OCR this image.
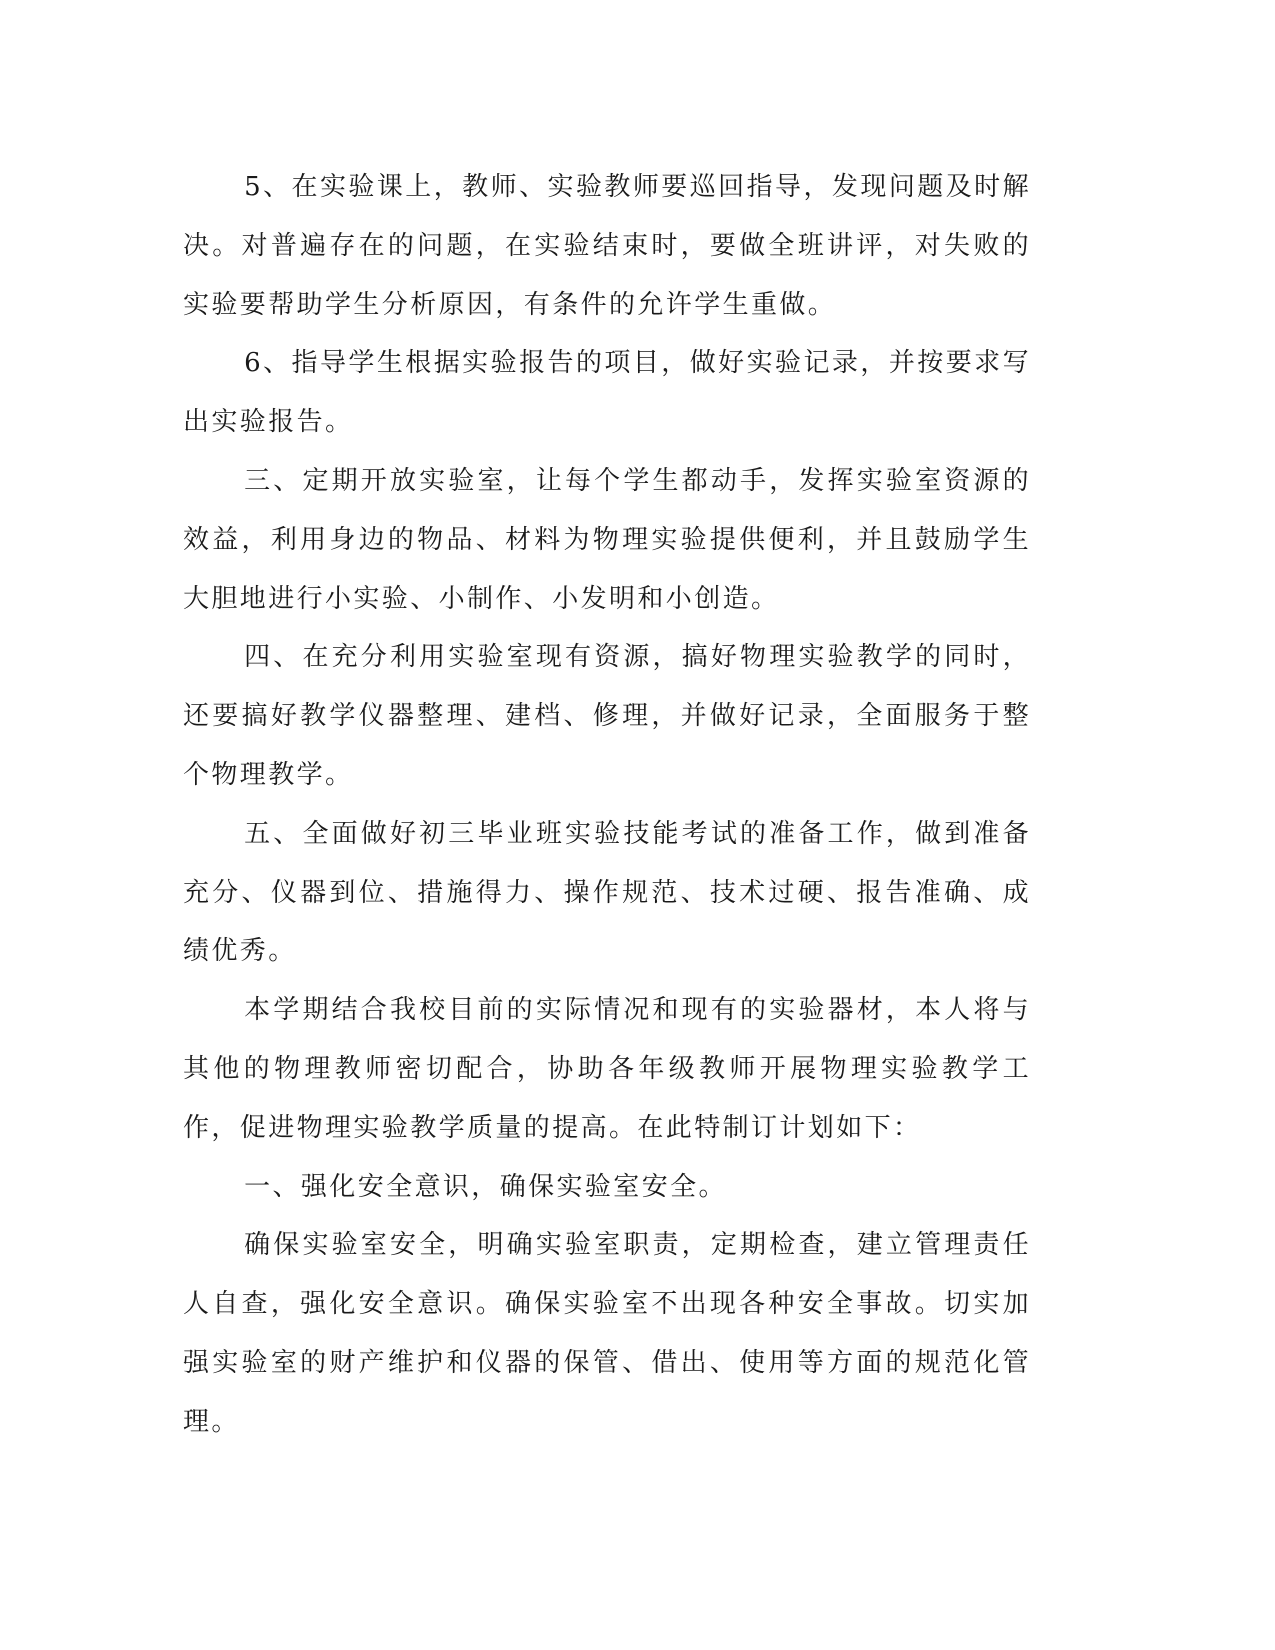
5、在实验课上，教师、实验教师要巡回指导，发现问题及时解决。对普遍存在的问题，在实验结束时，要做全班讲评，对失败的实验要帮助学生分析原因，有条件的允许学生重做。

6、指导学生根据实验报告的项目，做好实验记录，并按要求写出实验报告。

三、定期开放实验室，让每个学生都动手，发挥实验室资源的效益，利用身边的物品、材料为物理实验提供便利，并且鼓励学生大胆地进行小实验、小制作、小发明和小创造。

四、在充分利用实验室现有资源，搞好物理实验教学的同时，还要搞好教学仪器整理、建档、修理，并做好记录，全面服务于整个物理教学。

五、全面做好初三毕业班实验技能考试的准备工作，做到准备充分、仪器到位、措施得力、操作规范、技术过硬、报告准确、成绩优秀。

本学期结合我校目前的实际情况和现有的实验器材，本人将与其他的物理教师密切配合，协助各年级教师开展物理实验教学工作，促进物理实验教学质量的提高。在此特制订计划如下：

一、强化安全意识，确保实验室安全。

确保实验室安全，明确实验室职责，定期检查，建立管理责任人自查，强化安全意识。确保实验室不出现各种安全事故。切实加强实验室的财产维护和仪器的保管、借出、使用等方面的规范化管理。
